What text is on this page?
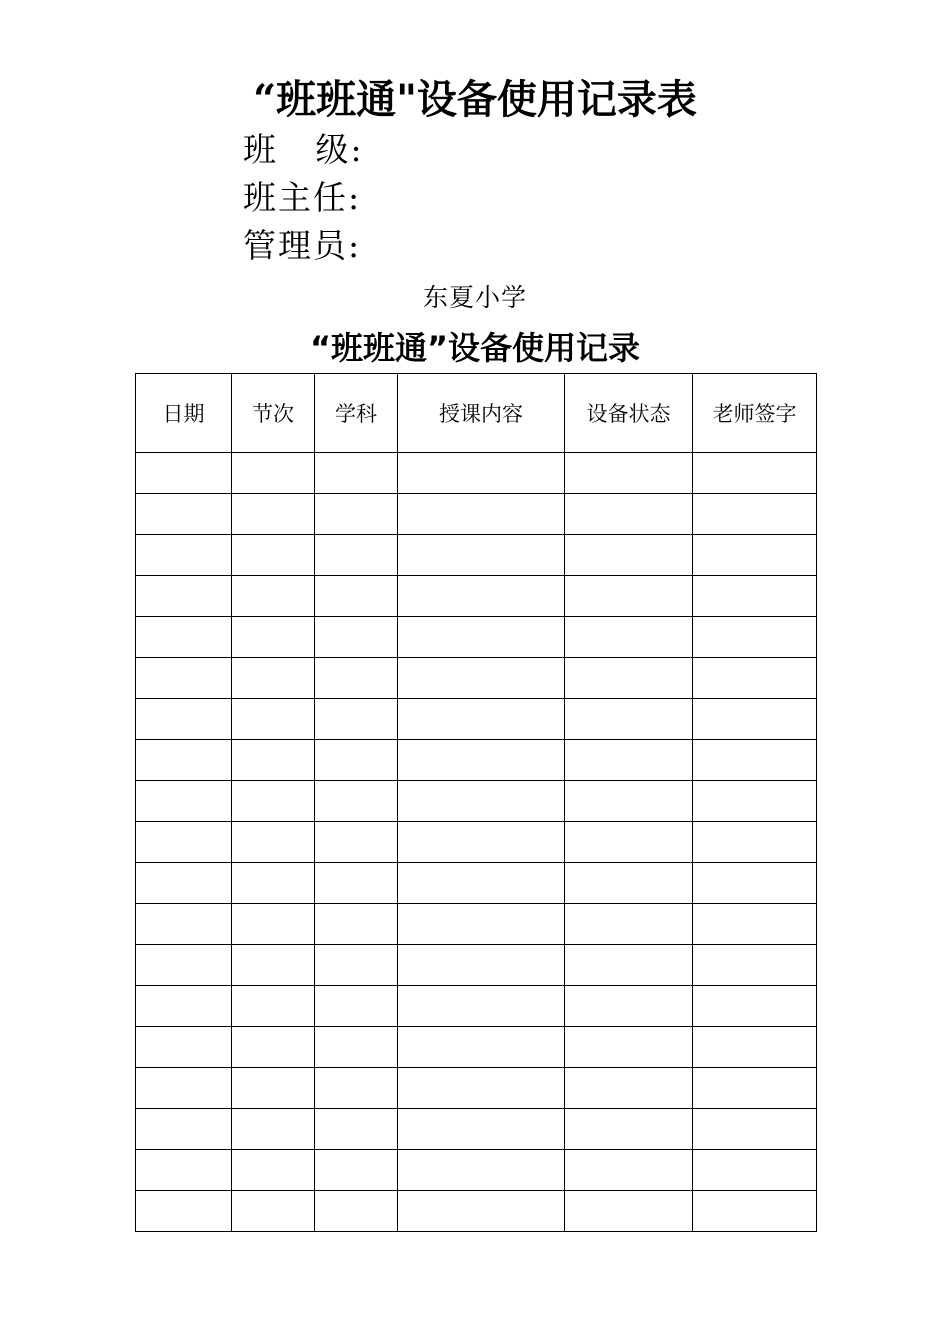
“班班通"设备使用记录表
班   级:
班主任:
管理员:
东夏小学
“班班通”设备使用记录
日期	节次	学科	授课内容	设备状态	老师签字
